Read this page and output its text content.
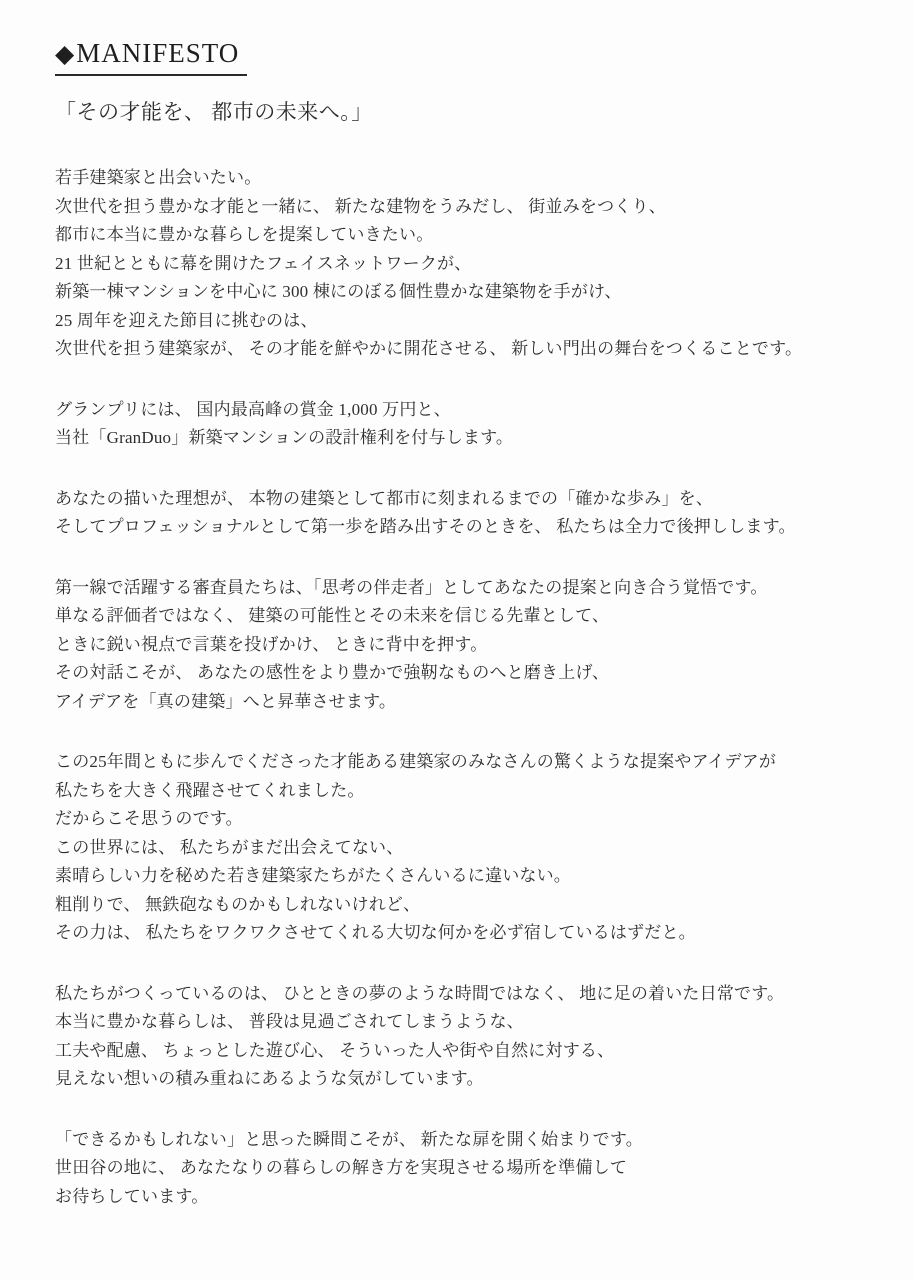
◆MANIFESTO
「その才能を、 都市の未来へ。」
若手建築家と出会いたい。
次世代を担う豊かな才能と一緒に、 新たな建物をうみだし、 街並みをつくり、
都市に本当に豊かな暮らしを提案していきたい。
21 世紀とともに幕を開けたフェイスネットワークが、
新築一棟マンションを中心に 300 棟にのぼる個性豊かな建築物を手がけ、
25 周年を迎えた節目に挑むのは、
次世代を担う建築家が、 その才能を鮮やかに開花させる、 新しい門出の舞台をつくることです。
グランプリには、 国内最高峰の賞金 1,000 万円と、
当社「GranDuo」新築マンションの設計権利を付与します。
あなたの描いた理想が、 本物の建築として都市に刻まれるまでの「確かな歩み」を、
そしてプロフェッショナルとして第一歩を踏み出すそのときを、 私たちは全力で後押しします。
第一線で活躍する審査員たちは、「思考の伴走者」としてあなたの提案と向き合う覚悟です。
単なる評価者ではなく、 建築の可能性とその未来を信じる先輩として、
ときに鋭い視点で言葉を投げかけ、 ときに背中を押す。
その対話こそが、 あなたの感性をより豊かで強靭なものへと磨き上げ、
アイデアを「真の建築」へと昇華させます。
この25年間ともに歩んでくださった才能ある建築家のみなさんの驚くような提案やアイデアが
私たちを大きく飛躍させてくれました。
だからこそ思うのです。
この世界には、 私たちがまだ出会えてない、
素晴らしい力を秘めた若き建築家たちがたくさんいるに違いない。
粗削りで、 無鉄砲なものかもしれないけれど、
その力は、 私たちをワクワクさせてくれる大切な何かを必ず宿しているはずだと。
私たちがつくっているのは、 ひとときの夢のような時間ではなく、 地に足の着いた日常です。
本当に豊かな暮らしは、 普段は見過ごされてしまうような、
工夫や配慮、 ちょっとした遊び心、 そういった人や街や自然に対する、
見えない想いの積み重ねにあるような気がしています。
「できるかもしれない」と思った瞬間こそが、 新たな扉を開く始まりです。
世田谷の地に、 あなたなりの暮らしの解き方を実現させる場所を準備して
お待ちしています。
